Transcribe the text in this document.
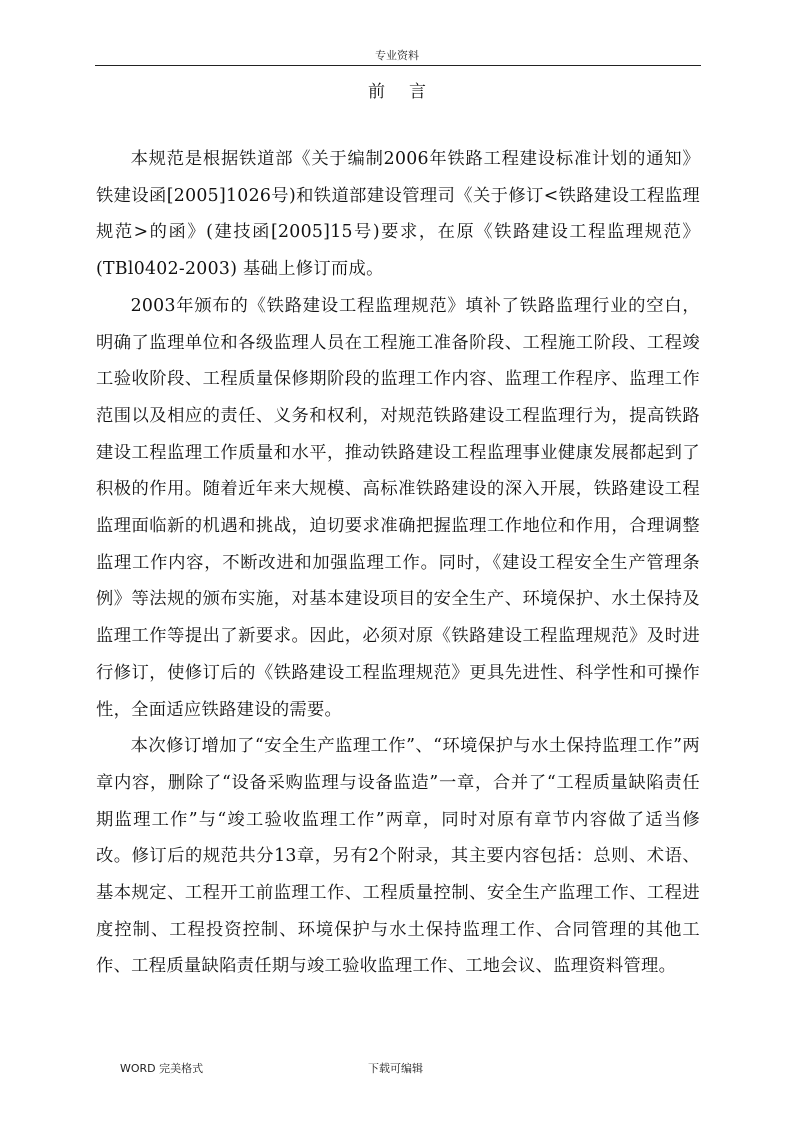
专业资料
前言

本规范是根据铁道部《关于编制2006年铁路工程建设标准计划的通知》铁建设函[2005]1026号)和铁道部建设管理司《关于修订<铁路建设工程监理规范>的函》(建技函[2005]15号)要求，在原《铁路建设工程监理规范》(TBl0402-2003) 基础上修订而成。

2003年颁布的《铁路建设工程监理规范》填补了铁路监理行业的空白，明确了监理单位和各级监理人员在工程施工准备阶段、工程施工阶段、工程竣工验收阶段、工程质量保修期阶段的监理工作内容、监理工作程序、监理工作范围以及相应的责任、义务和权利，对规范铁路建设工程监理行为，提高铁路建设工程监理工作质量和水平，推动铁路建设工程监理事业健康发展都起到了积极的作用。随着近年来大规模、高标准铁路建设的深入开展，铁路建设工程监理面临新的机遇和挑战，迫切要求准确把握监理工作地位和作用，合理调整监理工作内容，不断改进和加强监理工作。同时，《建设工程安全生产管理条例》等法规的颁布实施，对基本建设项目的安全生产、环境保护、水土保持及监理工作等提出了新要求。因此，必须对原《铁路建设工程监理规范》及时进行修订，使修订后的《铁路建设工程监理规范》更具先进性、科学性和可操作性，全面适应铁路建设的需要。

本次修订增加了“安全生产监理工作”、“环境保护与水土保持监理工作”两章内容，删除了“设备采购监理与设备监造”一章，合并了“工程质量缺陷责任期监理工作”与“竣工验收监理工作”两章，同时对原有章节内容做了适当修改。修订后的规范共分13章，另有2个附录，其主要内容包括：总则、术语、基本规定、工程开工前监理工作、工程质量控制、安全生产监理工作、工程进度控制、工程投资控制、环境保护与水土保持监理工作、合同管理的其他工作、工程质量缺陷责任期与竣工验收监理工作、工地会议、监理资料管理。

WORD 完美格式	下载可编辑
